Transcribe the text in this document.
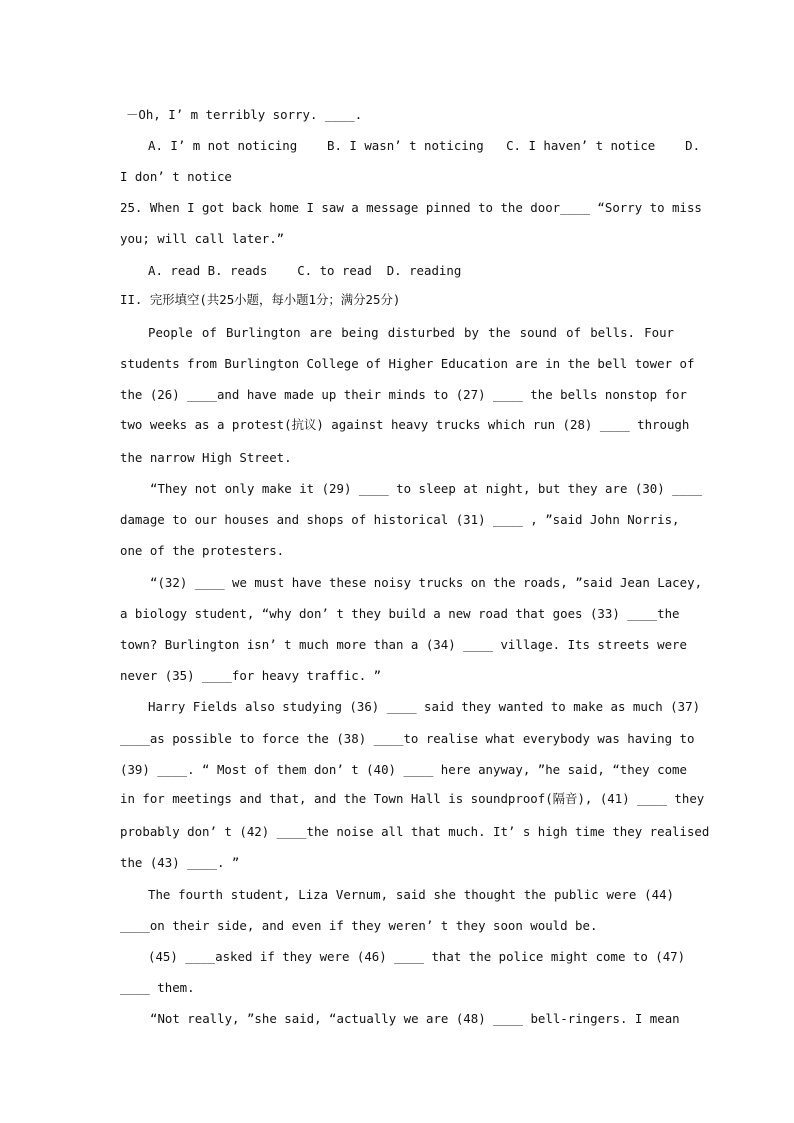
－Oh, I’ m terribly sorry. ____.
A. I’ m not noticing    B. I wasn’ t noticing   C. I haven’ t notice    D.
I don’ t notice
25. When I got back home I saw a message pinned to the door____ “Sorry to miss
you; will call later.”
A. read B. reads    C. to read  D. reading
II. 完形填空(共25小题，每小题1分；满分25分)
People of Burlington are being disturbed by the sound of bells. Four
students from Burlington College of Higher Education are in the bell tower of
the (26) ____and have made up their minds to (27) ____ the bells nonstop for
two weeks as a protest(抗议) against heavy trucks which run (28) ____ through
the narrow High Street.
“They not only make it (29) ____ to sleep at night, but they are (30) ____
damage to our houses and shops of historical (31) ____ , ”said John Norris,
one of the protesters.
“(32) ____ we must have these noisy trucks on the roads, ”said Jean Lacey,
a biology student, “why don’ t they build a new road that goes (33) ____the
town? Burlington isn’ t much more than a (34) ____ village. Its streets were
never (35) ____for heavy traffic. ”
Harry Fields also studying (36) ____ said they wanted to make as much (37)
____as possible to force the (38) ____to realise what everybody was having to
(39) ____. “ Most of them don’ t (40) ____ here anyway, ”he said, “they come
in for meetings and that, and the Town Hall is soundproof(隔音), (41) ____ they
probably don’ t (42) ____the noise all that much. It’ s high time they realised
the (43) ____. ”
The fourth student, Liza Vernum, said she thought the public were (44)
____on their side, and even if they weren’ t they soon would be.
(45) ____asked if they were (46) ____ that the police might come to (47)
____ them.
“Not really, ”she said, “actually we are (48) ____ bell-ringers. I mean
